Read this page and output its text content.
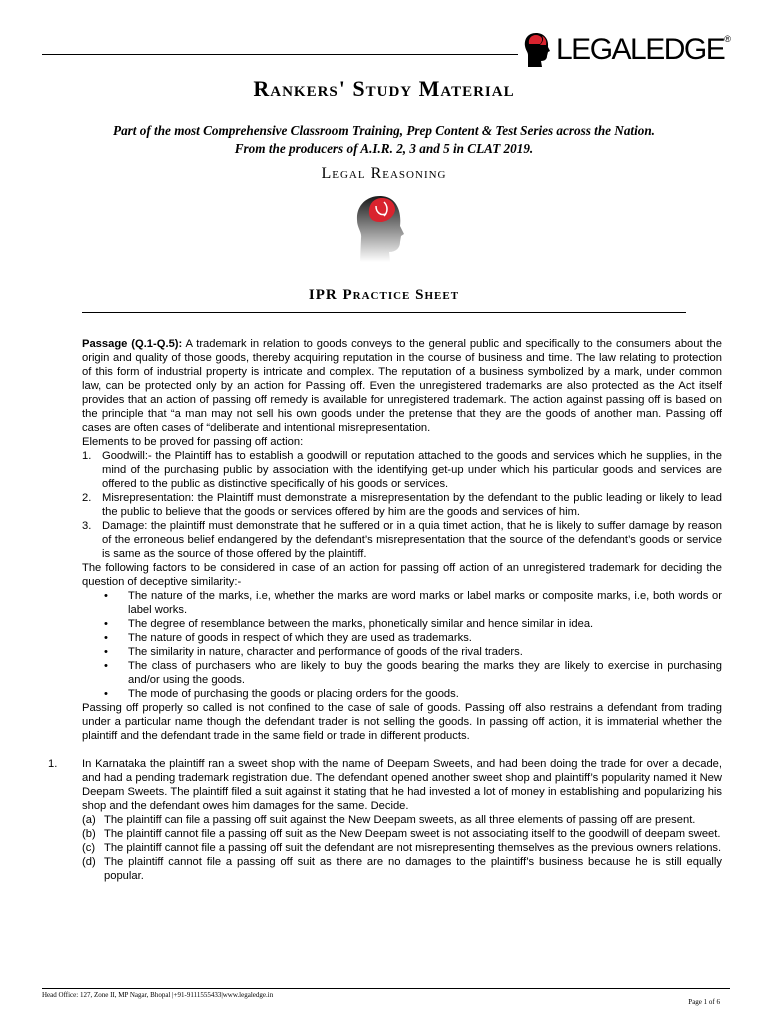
LEGALEDGE®
Rankers' Study Material
Part of the most Comprehensive Classroom Training, Prep Content & Test Series across the Nation.
From the producers of A.I.R. 2, 3 and 5 in CLAT 2019.
Legal Reasoning
IPR Practice Sheet

Passage (Q.1-Q.5): A trademark in relation to goods conveys to the general public and specifically to the consumers about the origin and quality of those goods, thereby acquiring reputation in the course of business and time. The law relating to protection of this form of industrial property is intricate and complex. The reputation of a business symbolized by a mark, under common law, can be protected only by an action for Passing off. Even the unregistered trademarks are also protected as the Act itself provides that an action of passing off remedy is available for unregistered trademark. The action against passing off is based on the principle that “a man may not sell his own goods under the pretense that they are the goods of another man. Passing off cases are often cases of “deliberate and intentional misrepresentation.

Elements to be proved for passing off action:

1. Goodwill:- the Plaintiff has to establish a goodwill or reputation attached to the goods and services which he supplies, in the mind of the purchasing public by association with the identifying get-up under which his particular goods and services are offered to the public as distinctive specifically of his goods or services.
2. Misrepresentation: the Plaintiff must demonstrate a misrepresentation by the defendant to the public leading or likely to lead the public to believe that the goods or services offered by him are the goods and services of him.
3. Damage: the plaintiff must demonstrate that he suffered or in a quia timet action, that he is likely to suffer damage by reason of the erroneous belief endangered by the defendant’s misrepresentation that the source of the defendant’s goods or service is same as the source of those offered by the plaintiff.

The following factors to be considered in case of an action for passing off action of an unregistered trademark for deciding the question of deceptive similarity:-

• The nature of the marks, i.e, whether the marks are word marks or label marks or composite marks, i.e, both words or label works.
• The degree of resemblance between the marks, phonetically similar and hence similar in idea.
• The nature of goods in respect of which they are used as trademarks.
• The similarity in nature, character and performance of goods of the rival traders.
• The class of purchasers who are likely to buy the goods bearing the marks they are likely to exercise in purchasing and/or using the goods.
• The mode of purchasing the goods or placing orders for the goods.

Passing off properly so called is not confined to the case of sale of goods. Passing off also restrains a defendant from trading under a particular name though the defendant trader is not selling the goods. In passing off action, it is immaterial whether the plaintiff and the defendant trade in the same field or trade in different products.

1. In Karnataka the plaintiff ran a sweet shop with the name of Deepam Sweets, and had been doing the trade for over a decade, and had a pending trademark registration due. The defendant opened another sweet shop and plaintiff’s popularity named it New Deepam Sweets. The plaintiff filed a suit against it stating that he had invested a lot of money in establishing and popularizing his shop and the defendant owes him damages for the same. Decide.

(a) The plaintiff can file a passing off suit against the New Deepam sweets, as all three elements of passing off are present.
(b) The plaintiff cannot file a passing off suit as the New Deepam sweet is not associating itself to the goodwill of deepam sweet.
(c) The plaintiff cannot file a passing off suit the defendant are not misrepresenting themselves as the previous owners relations.
(d) The plaintiff cannot file a passing off suit as there are no damages to the plaintiff’s business because he is still equally popular.
Head Office: 127, Zone II, MP Nagar, Bhopal |+91-9111555433|www.legaledge.in
Page 1 of 6
